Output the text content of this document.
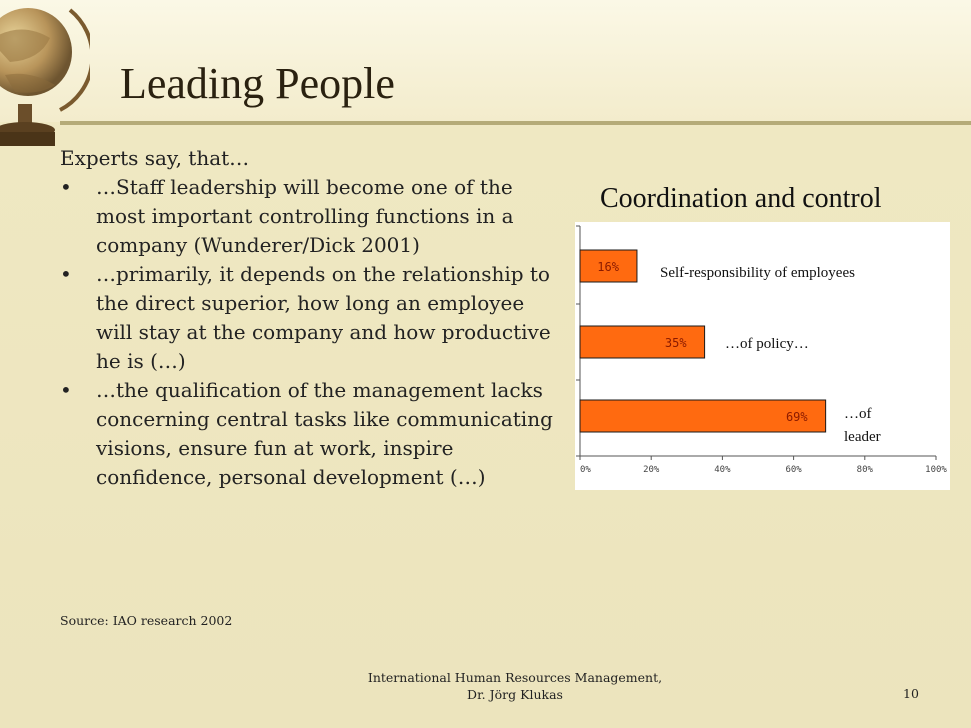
Leading People
Experts say, that…
•	…Staff leadership will become one of the most important controlling functions in a company (Wunderer/Dick 2001)
•	…primarily, it depends on the relationship to the direct superior, how long an employee will stay at the company and how productive he is (…)
•	…the qualification of the management lacks concerning central tasks like communicating visions, ensure fun at work, inspire confidence, personal development (…)
Coordination and control
0%	20%	40%	60%	80%	100%
16%
35%
69%
Self-responsibility of employees
…of policy…
…of
leader
Source: IAO research 2002
International Human Resources Management,
Dr. Jörg Klukas	10
